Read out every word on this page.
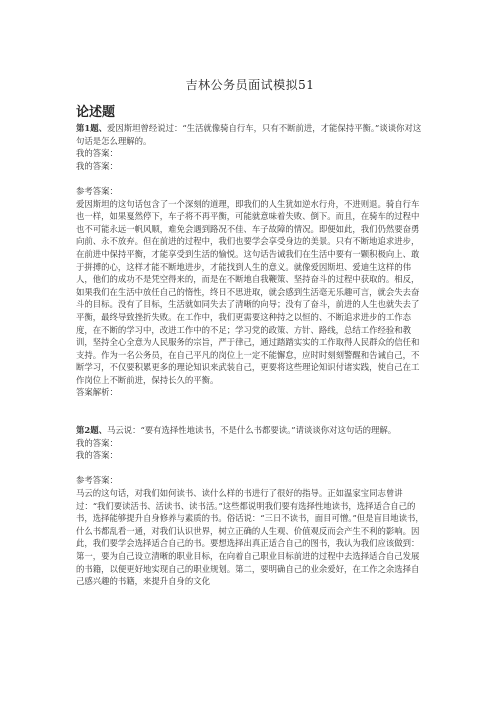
吉林公务员面试模拟51
论述题

第1题、爱因斯坦曾经说过：“生活就像骑自行车，只有不断前进，才能保持平衡。”谈谈你对这句话是怎么理解的。

我的答案：

我的答案：

参考答案：

爱因斯坦的这句话包含了一个深刻的道理，即我们的人生犹如逆水行舟，不进则退。骑自行车也一样，如果戛然停下，车子将不再平衡，可能就意味着失败、倒下。而且，在骑车的过程中也不可能永远一帆风顺，难免会遇到路况不佳、车子故障的情况。即便如此，我们仍然要奋勇向前、永不放弃。但在前进的过程中，我们也要学会享受身边的美景。只有不断地追求进步，在前进中保持平衡，才能享受到生活的愉悦。这句话告诫我们在生活中要有一颗积极向上、敢于拼搏的心，这样才能不断地进步，才能找到人生的意义。就像爱因斯坦、爱迪生这样的伟人，他们的成功不是凭空得来的，而是在不断地自我鞭策、坚持奋斗的过程中获取的。相反，如果我们在生活中放任自己的惰性，终日不思进取，就会感到生活毫无乐趣可言，就会失去奋斗的目标。没有了目标，生活就如同失去了清晰的向导；没有了奋斗，前进的人生也就失去了平衡，最终导致挫折失败。在工作中，我们更需要这种持之以恒的、不断追求进步的工作态度，在不断的学习中，改进工作中的不足；学习党的政策、方针、路线，总结工作经验和教训，坚持全心全意为人民服务的宗旨，严于律己，通过踏踏实实的工作取得人民群众的信任和支持。作为一名公务员，在自己平凡的岗位上一定不能懈怠，应时时刻刻警醒和告诫自己，不断学习，不仅要积累更多的理论知识来武装自己，更要将这些理论知识付诸实践，使自己在工作岗位上不断前进，保持长久的平衡。

答案解析：

第2题、马云说：“要有选择性地读书，不是什么书都要读。”请谈谈你对这句话的理解。

我的答案：

我的答案：

参考答案：

马云的这句话，对我们如何读书、读什么样的书进行了很好的指导。正如温家宝同志曾讲过：“我们要读活书、活读书、读书活。”这些都说明我们要有选择性地读书，选择适合自己的书，选择能够提升自身修养与素质的书。俗话说：“三日不读书，面目可憎。”但是盲目地读书，什么书都乱看一通，对我们认识世界，树立正确的人生观、价值观反而会产生不利的影响。因此，我们要学会选择适合自己的书。要想选择出真正适合自己的图书，我认为我们应该做到：第一，要为自己设立清晰的职业目标，在向着自己职业目标前进的过程中去选择适合自己发展的书籍，以便更好地实现自己的职业规划。第二，要明确自己的业余爱好，在工作之余选择自己感兴趣的书籍，来提升自身的文化
